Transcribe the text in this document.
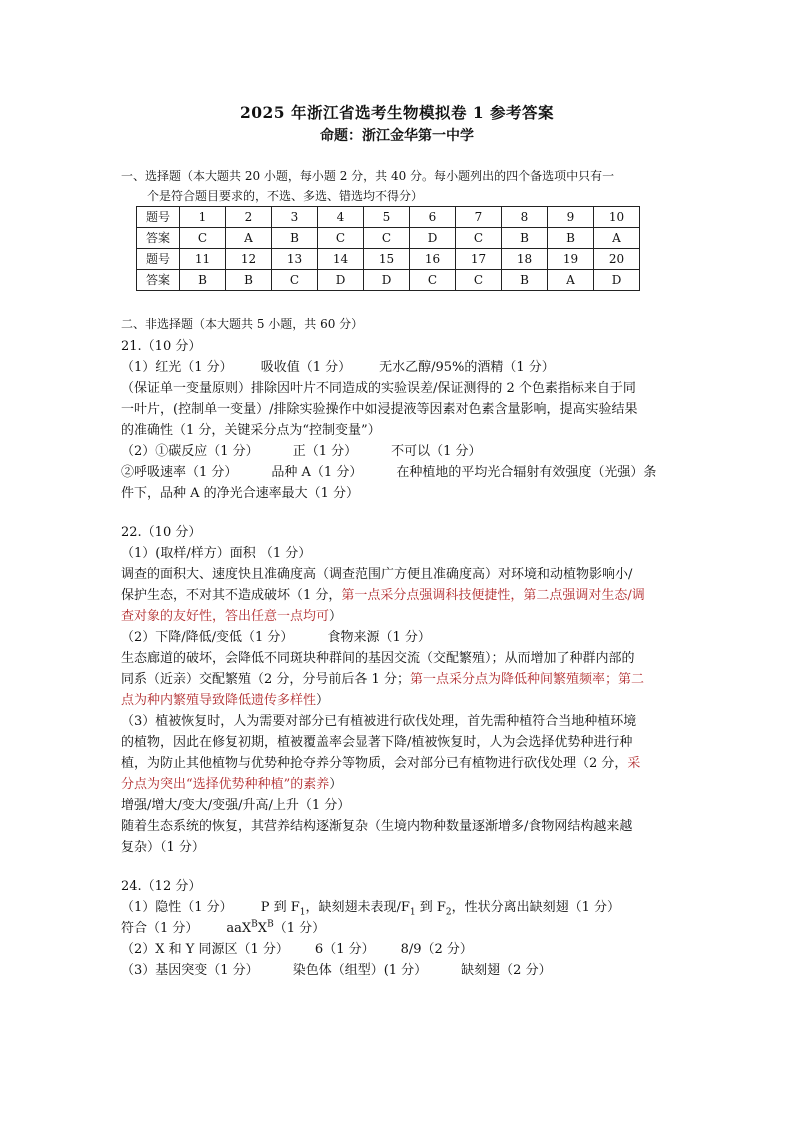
2025 年浙江省选考生物模拟卷 1 参考答案
命题：浙江金华第一中学
一、选择题（本大题共 20 小题，每小题 2 分，共 40 分。每小题列出的四个备选项中只有一
个是符合题目要求的，不选、多选、错选均不得分）
题号	1	2	3	4	5	6	7	8	9	10
答案	C	A	B	C	C	D	C	B	B	A
题号	11	12	13	14	15	16	17	18	19	20
答案	B	B	C	D	D	C	C	B	A	D
二、非选择题（本大题共 5 小题，共 60 分）

21.（10 分）

（1）红光（1 分） 吸收值（1 分） 无水乙醇/95%的酒精（1 分）

（保证单一变量原则）排除因叶片不同造成的实验误差/保证测得的 2 个色素指标来自于同

一叶片，(控制单一变量）/排除实验操作中如浸提液等因素对色素含量影响，提高实验结果

的准确性（1 分，关键采分点为“控制变量”）

（2）①碳反应（1 分）	正（1 分）	不可以（1 分）

②呼吸速率（1 分）	品种 A（1 分）	在种植地的平均光合辐射有效强度（光强）条

件下，品种 A 的净光合速率最大（1 分）

22.（10 分）

（1）(取样/样方）面积 （1 分）

调查的面积大、速度快且准确度高（调查范围广方便且准确度高）对环境和动植物影响小/

保护生态，不对其不造成破坏（1 分，第一点采分点强调科技便捷性，第二点强调对生态/调

查对象的友好性，答出任意一点均可）

（2）下降/降低/变低（1 分）	食物来源（1 分）

生态廊道的破坏，会降低不同斑块种群间的基因交流（交配繁殖）；从而增加了种群内部的

同系（近亲）交配繁殖（2 分，分号前后各 1 分；第一点采分点为降低种间繁殖频率；第二

点为种内繁殖导致降低遗传多样性）

（3）植被恢复时，人为需要对部分已有植被进行砍伐处理，首先需种植符合当地种植环境

的植物，因此在修复初期，植被覆盖率会显著下降/植被恢复时，人为会选择优势种进行种

植，为防止其他植物与优势种抢夺养分等物质，会对部分已有植物进行砍伐处理（2 分，采

分点为突出“选择优势种种植”的素养）

增强/增大/变大/变强/升高/上升（1 分）

随着生态系统的恢复，其营养结构逐渐复杂（生境内物种数量逐渐增多/食物网结构越来越

复杂）（1 分）

24.（12 分）

（1）隐性（1 分） P 到 $F_1$，缺刻翅未表现$/F_1$ 到 $F_2$，性状分离出缺刻翅（1 分）

符合（1 分） $aaX^BX^B(1$ 分）

（2）X 和 Y 同源区（1 分） 6（1 分） 8/9（2 分）

（3）基因突变（1 分）	染色体（组型）(1 分）	缺刻翅（2 分）
